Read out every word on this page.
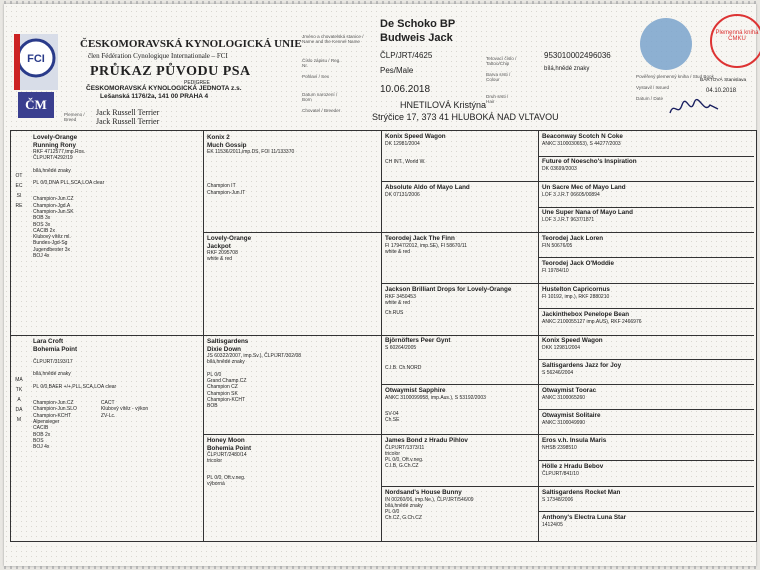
FCI
ČM
ČESKOMORAVSKÁ KYNOLOGICKÁ UNIE
člen Fédération Cynologique Internationale – FCI
PRŮKAZ PŮVODU PSA
PEDIGREE
ČESKOMORAVSKÁ KYNOLOGICKÁ JEDNOTA z.s.
Lešanská 1176/2a, 141 00 PRAHA 4
Plemeno / Breed
Jack Russell Terrier
Jack Russell Terrier
Jméno a chovatelská stanice / Name and the Kennel Name
De Schoko BP
Budweis Jack
Číslo zápisu / Reg. Nr.
ČLP/JRT/4625
Pohlaví / Sex
Pes/Male
Datum narození / Born
10.06.2018
Chovatel / Breeder
HNETILOVÁ Kristýna
Strýčice 17, 373 41 HLUBOKÁ NAD VLTAVOU
Tetovací číslo / Tattoo/Chip
953010002496036
Barva srsti / Colour
bílá,hnědé znaky
Druh srsti / Hair
Plemenná kniha ČMKU
Pověřený plemenný kniha / Stud Book
BÁRTOVÁ Stanislava
Vystavil / Issued
Datum / Date
04.10.2018
OTEC SIRE
MATKA DAM
Lovely-Orange
Running Rony
RKF 4712577,tmp.Ros.
ČLP/JRT/4292/19
bílá,hnědé znaky
PL 0/0,DNA PLL,SCA,LOA clear
Champion-Jun.CZ
Champion-Jgd.A
Champion-Jun.SK
BOB 3x
BOS 3x
CACIB 2x
Klubový vítěz ml.
Bundes-Jgd-Sg
Jugendbester 3x
BOJ 4x
Lara Croft
Bohemia Point
ČLP/JRT/3193/17
bílá,hnědé znaky
PL 0/0,BAER +/+,PLL,SCA,LOA clear
Champion-Jun.CZ
Champion-Jun.SLO
Champion-KCHT
Alpensieger
CACIB
BOB 2x
BOS
BOJ 4x
CACT
Klubový vítěz - výkon
ZV-Lc.
Konix 2
Much Gossip
EK 11536/2011,imp.DS, FOI 11/133370
Champion IT
Champion-Jun.IT
Lovely-Orange
Jackpot
RKF 2095708
white & red
Saltisgardens
Dixie Down
JS 60322/2007, imp.Sv.), ČLP/JRT/302/08
bílá,hnědé znaky
PL 0/0
Grand Champ.CZ
Champion CZ
Champion SK
Champion-KCHT
BOB
Honey Moon
Bohemia Point
ČLP/JRT/2480/14
tricolor
PL 0/0, Oft.v.neg.
výborná
Konix Speed Wagon
DK 12981/2004
CH INT., World W.
Absolute Aldo of Mayo Land
DK 07131/2006
Teorodej Jack The Finn
FI 17947/2012, imp.SE), FI 58670/11
white & red
Jackson Brilliant Drops for Lovely-Orange
RKF 3450453
white & red
Ch.RUS
Björnöfters Peer Gynt
S 60264/2005
C.I.B. Ch.NORD
Otwaymist Sapphire
ANKC 3100099958, imp.Aus.), S 53192/2003
SV-04
Ch.SE
James Bond z Hradu Pihlov
ČLP/JRT/1373/11
tricolor
PL 0/0, Oft.v.neg.
C.I.B, G.Ch.CZ
Nordsand's House Bunny
IN 00260/06, imp.Ne.), ČLP/JRT/546/09
bílá,hnědé znaky
PL 0/0
Ch.CZ, G.Ch.CZ
Beaconway Scotch N Coke
ANKC 3100030653), S 44277/2003
Future of Noescho's Inspiration
DK 03699/2003
Un Sacre Mec of Mayo Land
LOF 3 J.R.T 06605/00894
Une Super Nana of Mayo Land
LOF 3 J.R.T 9637/1871
Teorodej Jack Loren
FIN 50676/05
Teorodej Jack O'Moddie
FI 19784/10
Hustelton Capricornus
FI 10192, imp.), RKF 2880210
Jackinthebox Penelope Bean
ANKC 2100055127 imp.AUS), RKF 2466976
Konix Speed Wagon
DKK 12981/2004
Saltisgardens Jazz for Joy
S 56246/2004
Otwaymist Toorac
ANKC 3100065260
Otwaymist Solitaire
ANKC 3100049990
Eros v.h. Insula Maris
NHSB 2398510
Hölle z Hradu Bebov
ČLP/JRT/841/10
Saltisgardens Rocket Man
S 17348/2006
Anthony's Electra Luna Star
14124/05
